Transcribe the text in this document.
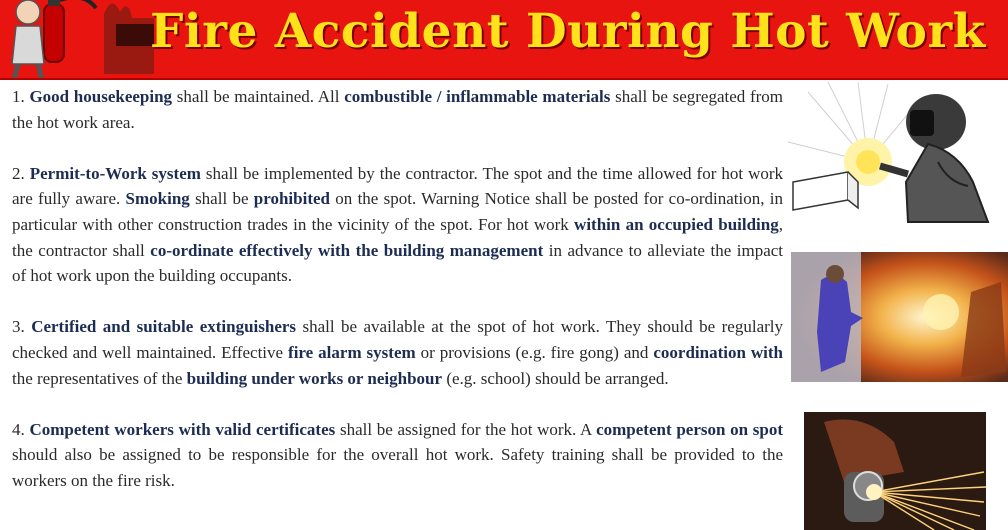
Fire Accident During Hot Work

1. Good housekeeping shall be maintained. All combustible / inflammable materials shall be segregated from the hot work area.

2. Permit-to-Work system shall be implemented by the contractor. The spot and the time allowed for hot work are fully aware. Smoking shall be prohibited on the spot. Warning Notice shall be posted for co-ordination, in particular with other construction trades in the vicinity of the spot. For hot work within an occupied building, the contractor shall co-ordinate effectively with the building management in advance to alleviate the impact of hot work upon the building occupants.

3. Certified and suitable extinguishers shall be available at the spot of hot work. They should be regularly checked and well maintained. Effective fire alarm system or provisions (e.g. fire gong) and coordination with the representatives of the building under works or neighbour (e.g. school) should be arranged.

4. Competent workers with valid certificates shall be assigned for the hot work. A competent person on spot should also be assigned to be responsible for the overall hot work. Safety training shall be provided to the workers on the fire risk.
